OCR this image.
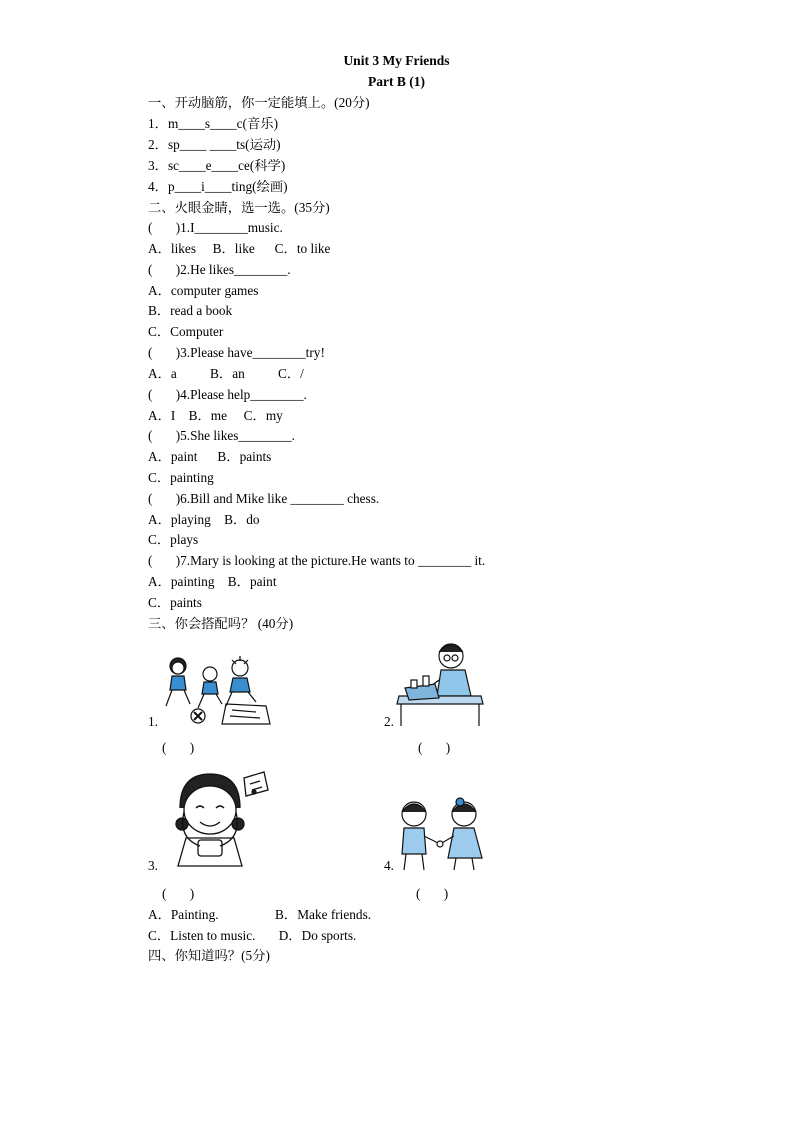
Unit 3 My Friends
Part B (1)
一、开动脑筋，你一定能填上。(20分)
1．m____s____c(音乐)
2．sp____ ____ts(运动)
3．sc____e____ce(科学)
4．p____i____ting(绘画)
二、火眼金睛，选一选。(35分)
(       )1.I________music.
A．likes     B．like      C．to like
(       )2.He likes________.
A．computer games
B．read a book
C．Computer
(       )3.Please have________try!
A．a          B．an          C．/
(       )4.Please help________.
A．I    B．me     C．my
(       )5.She likes________.
A．paint      B．paints
C．painting
(       )6.Bill and Mike like ________ chess.
A．playing    B．do
C．plays
(       )7.Mary is looking at the picture.He wants to ________ it.
A．painting    B．paint
C．paints
三、你会搭配吗？ (40分)
1.
(       )
2.
(       )
3.
(       )
4.
(       )
A．Painting.                 B．Make friends.
C．Listen to music.       D．Do sports.
四、你知道吗？(5分)
